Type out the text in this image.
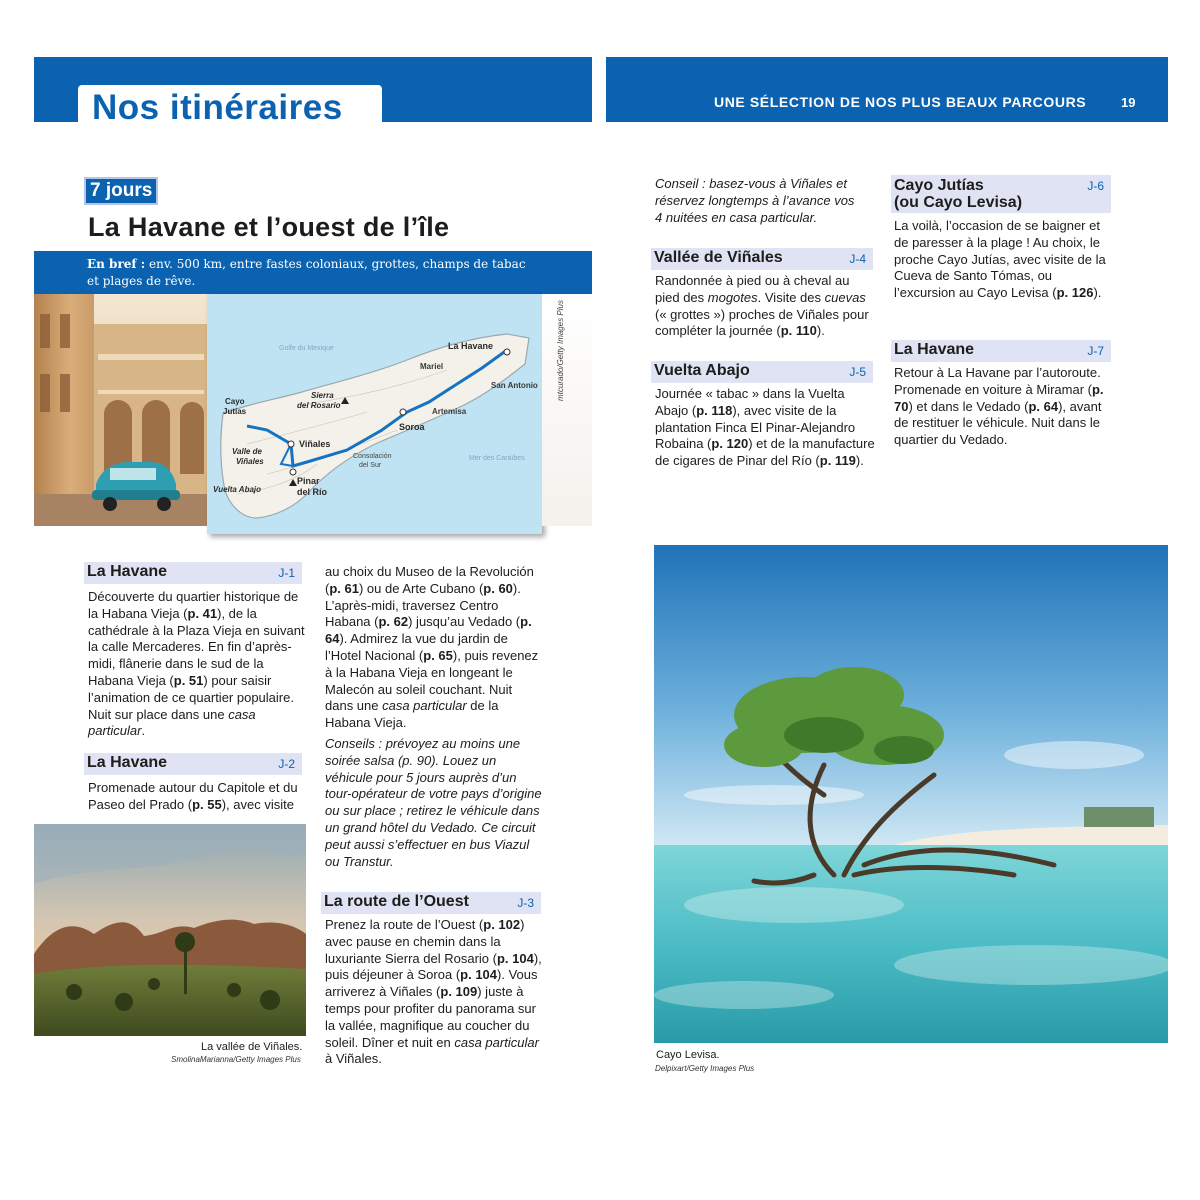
Nos itinéraires	UNE SÉLECTION DE NOS PLUS BEAUX PARCOURS	19
7 jours
La Havane et l’ouest de l’île
En bref : env. 500 km, entre fastes coloniaux, grottes, champs de tabac et plages de rêve.
La Havane
Mariel
San Antonio
Artemisa
Soroa
Sierra
del Rosario
Cayo
Jutías
Viñales
Valle de
Viñales
Pinar
del Río
Vuelta Abajo
Consolación
del Sur
Golfe du Mexique
Mer des Caraïbes
mtcurado/Getty Images Plus
La Havane	J-1
Découverte du quartier historique de la Habana Vieja (p. 41), de la cathédrale à la Plaza Vieja en suivant la calle Mercaderes. En fin d’après-midi, flânerie dans le sud de la Habana Vieja (p. 51) pour saisir l’animation de ce quartier populaire. Nuit sur place dans une casa particular.
La Havane	J-2
Promenade autour du Capitole et du Paseo del Prado (p. 55), avec visite
au choix du Museo de la Revolución (p. 61) ou de Arte Cubano (p. 60). L’après-midi, traversez Centro Habana (p. 62) jusqu’au Vedado (p. 64). Admirez la vue du jardin de l’Hotel Nacional (p. 65), puis revenez à la Habana Vieja en longeant le Malecón au soleil couchant. Nuit dans une casa particular de la Habana Vieja.
Conseils : prévoyez au moins une soirée salsa (p. 90). Louez un véhicule pour 5 jours auprès d’un tour-opérateur de votre pays d’origine ou sur place ; retirez le véhicule dans un grand hôtel du Vedado. Ce circuit peut aussi s’effectuer en bus Viazul ou Transtur.
La route de l’Ouest	J-3
Prenez la route de l’Ouest (p. 102) avec pause en chemin dans la luxuriante Sierra del Rosario (p. 104), puis déjeuner à Soroa (p. 104). Vous arriverez à Viñales (p. 109) juste à temps pour profiter du panorama sur la vallée, magnifique au coucher du soleil. Dîner et nuit en casa particular à Viñales.
La vallée de Viñales.
SmolinaMarianna/Getty Images Plus
Conseil : basez-vous à Viñales et réservez longtemps à l’avance vos 4 nuitées en casa particular.
Vallée de Viñales	J-4
Randonnée à pied ou à cheval au pied des mogotes. Visite des cuevas (« grottes ») proches de Viñales pour compléter la journée (p. 110).
Vuelta Abajo	J-5
Journée « tabac » dans la Vuelta Abajo (p. 118), avec visite de la plantation Finca El Pinar-Alejandro Robaina (p. 120) et de la manufacture de cigares de Pinar del Río (p. 119).
Cayo Jutías
(ou Cayo Levisa)
J-6
La voilà, l’occasion de se baigner et de paresser à la plage ! Au choix, le proche Cayo Jutías, avec visite de la Cueva de Santo Tómas, ou l’excursion au Cayo Levisa (p. 126).
La Havane	J-7
Retour à La Havane par l’autoroute. Promenade en voiture à Miramar (p. 70) et dans le Vedado (p. 64), avant de restituer le véhicule. Nuit dans le quartier du Vedado.
Cayo Levisa.
Delpixart/Getty Images Plus
